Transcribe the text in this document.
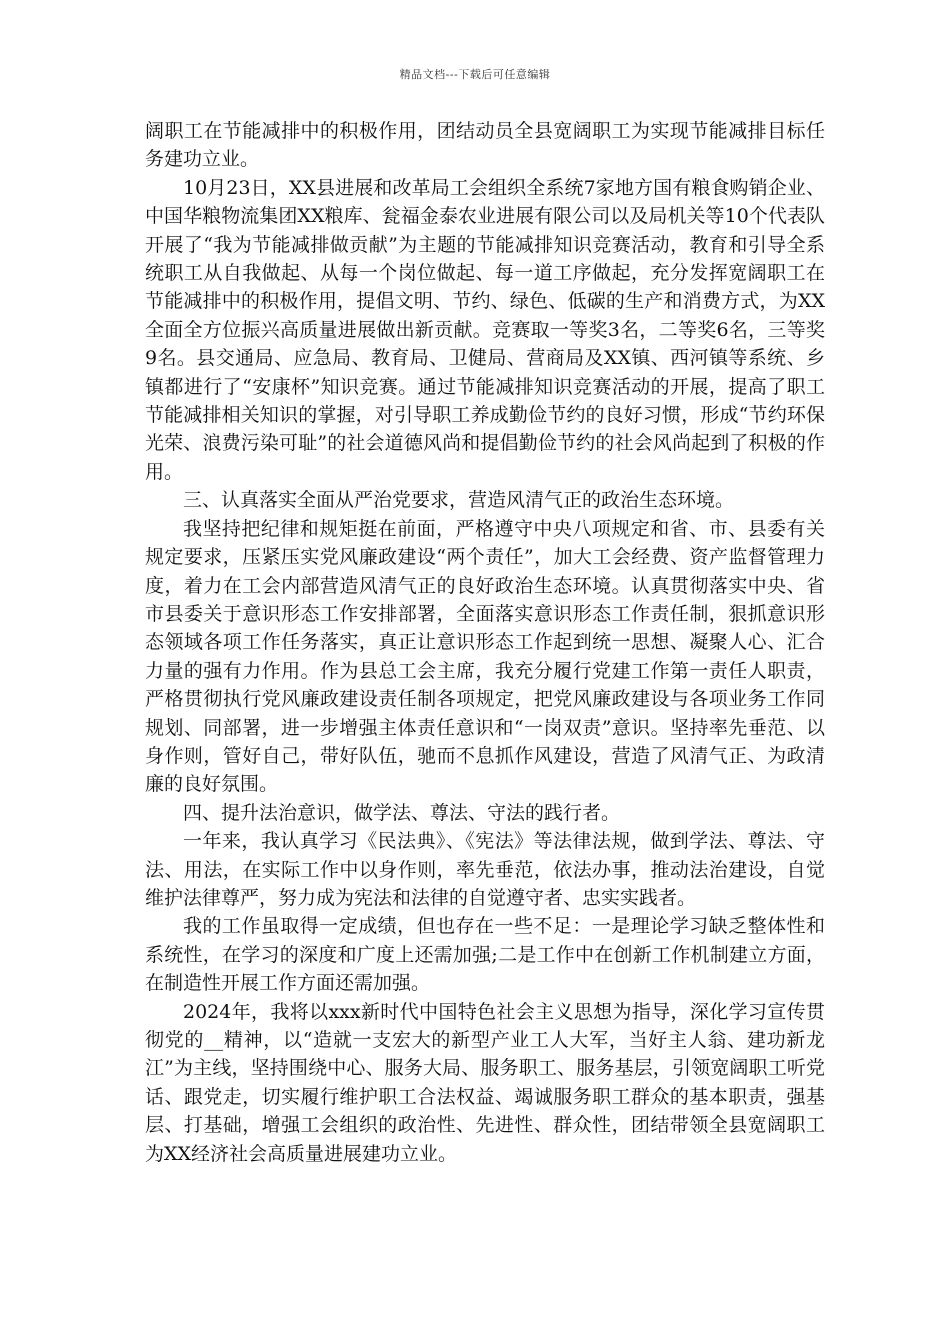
精品文档---下载后可任意编辑

阔职工在节能减排中的积极作用，团结动员全县宽阔职工为实现节能减排目标任务建功立业。

10月23日，XX县进展和改革局工会组织全系统7家地方国有粮食购销企业、中国华粮物流集团XX粮库、瓮福金泰农业进展有限公司以及局机关等10个代表队开展了“我为节能减排做贡献”为主题的节能减排知识竞赛活动，教育和引导全系统职工从自我做起、从每一个岗位做起、每一道工序做起，充分发挥宽阔职工在节能减排中的积极作用，提倡文明、节约、绿色、低碳的生产和消费方式，为XX全面全方位振兴高质量进展做出新贡献。竞赛取一等奖3名，二等奖6名，三等奖9名。县交通局、应急局、教育局、卫健局、营商局及XX镇、西河镇等系统、乡镇都进行了“安康杯”知识竞赛。通过节能减排知识竞赛活动的开展，提高了职工节能减排相关知识的掌握，对引导职工养成勤俭节约的良好习惯，形成“节约环保光荣、浪费污染可耻”的社会道德风尚和提倡勤俭节约的社会风尚起到了积极的作用。

三、认真落实全面从严治党要求，营造风清气正的政治生态环境。

我坚持把纪律和规矩挺在前面，严格遵守中央八项规定和省、市、县委有关规定要求，压紧压实党风廉政建设“两个责任”，加大工会经费、资产监督管理力度，着力在工会内部营造风清气正的良好政治生态环境。认真贯彻落实中央、省市县委关于意识形态工作安排部署，全面落实意识形态工作责任制，狠抓意识形态领域各项工作任务落实，真正让意识形态工作起到统一思想、凝聚人心、汇合力量的强有力作用。作为县总工会主席，我充分履行党建工作第一责任人职责，严格贯彻执行党风廉政建设责任制各项规定，把党风廉政建设与各项业务工作同规划、同部署，进一步增强主体责任意识和“一岗双责”意识。坚持率先垂范、以身作则，管好自己，带好队伍，驰而不息抓作风建设，营造了风清气正、为政清廉的良好氛围。

四、提升法治意识，做学法、尊法、守法的践行者。

一年来，我认真学习《民法典》、《宪法》等法律法规，做到学法、尊法、守法、用法，在实际工作中以身作则，率先垂范，依法办事，推动法治建设，自觉维护法律尊严，努力成为宪法和法律的自觉遵守者、忠实实践者。

我的工作虽取得一定成绩，但也存在一些不足：一是理论学习缺乏整体性和系统性，在学习的深度和广度上还需加强;二是工作中在创新工作机制建立方面，在制造性开展工作方面还需加强。

2024年，我将以xxx新时代中国特色社会主义思想为指导，深化学习宣传贯彻党的__精神，以“造就一支宏大的新型产业工人大军，当好主人翁、建功新龙江”为主线，坚持围绕中心、服务大局、服务职工、服务基层，引领宽阔职工听党话、跟党走，切实履行维护职工合法权益、竭诚服务职工群众的基本职责，强基层、打基础，增强工会组织的政治性、先进性、群众性，团结带领全县宽阔职工为XX经济社会高质量进展建功立业。
